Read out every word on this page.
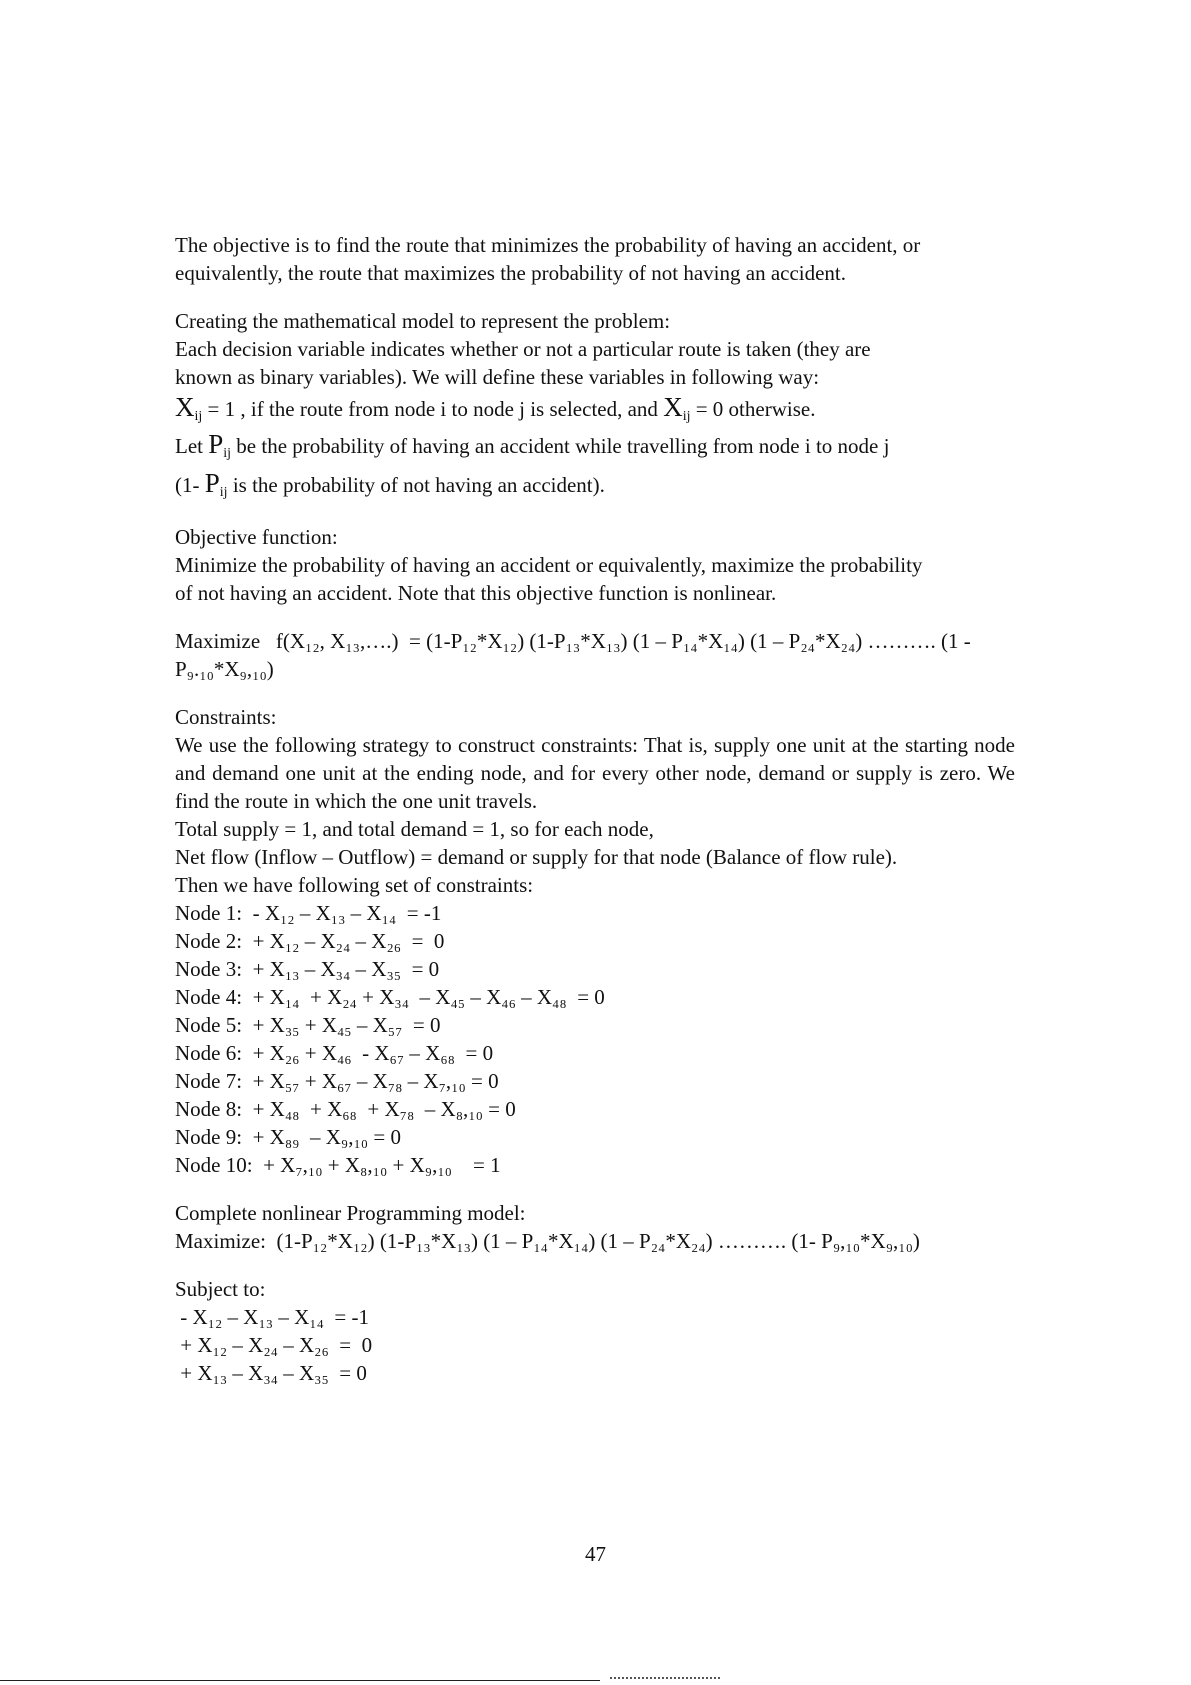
The objective is to find the route that minimizes the probability of having an accident, or

equivalently, the route that maximizes the probability of not having an accident.

Creating the mathematical model to represent the problem:

Each decision variable indicates whether or not a particular route is taken (they are

known as binary variables). We will define these variables in following way:

$X_{ij} = 1$ , if the route from node i to node j is selected, and $X_{ij} = 0$ otherwise.

Let $P_{ij}$ be the probability of having an accident while travelling from node i to node j

(1- $P_{ij}$ is the probability of not having an accident).

Objective function:

Minimize the probability of having an accident or equivalently, maximize the probability

of not having an accident. Note that this objective function is nonlinear.

Maximize   f(X₁₂, X₁₃,….)  = (1-P₁₂*X₁₂) (1-P₁₃*X₁₃) (1 – P₁₄*X₁₄) (1 – P₂₄*X₂₄) ………. (1 -

P₉.₁₀*X₉,₁₀)

Constraints:

We use the following strategy to construct constraints: That is, supply one unit at the starting node and demand one unit at the ending node, and for every other node, demand or supply is zero. We find the route in which the one unit travels.

Total supply = 1, and total demand = 1, so for each node,

Net flow (Inflow – Outflow) = demand or supply for that node (Balance of flow rule).

Then we have following set of constraints:

Node 1:  - X₁₂ – X₁₃ – X₁₄  = -1

Node 2:  + X₁₂ – X₂₄ – X₂₆  =  0

Node 3:  + X₁₃ – X₃₄ – X₃₅  = 0

Node 4:  + X₁₄  + X₂₄ + X₃₄  – X₄₅ – X₄₆ – X₄₈  = 0

Node 5:  + X₃₅ + X₄₅ – X₅₇  = 0

Node 6:  + X₂₆ + X₄₆  - X₆₇ – X₆₈  = 0

Node 7:  + X₅₇ + X₆₇ – X₇₈ – X₇,₁₀ = 0

Node 8:  + X₄₈  + X₆₈  + X₇₈  – X₈,₁₀ = 0

Node 9:  + X₈₉  – X₉,₁₀ = 0

Node 10:  + X₇,₁₀ + X₈,₁₀ + X₉,₁₀    = 1

Complete nonlinear Programming model:

Maximize:  (1-P₁₂*X₁₂) (1-P₁₃*X₁₃) (1 – P₁₄*X₁₄) (1 – P₂₄*X₂₄) ………. (1- P₉,₁₀*X₉,₁₀)

Subject to:

- X₁₂ – X₁₃ – X₁₄  = -1

+ X₁₂ – X₂₄ – X₂₆  =  0

+ X₁₃ – X₃₄ – X₃₅  = 0

47
